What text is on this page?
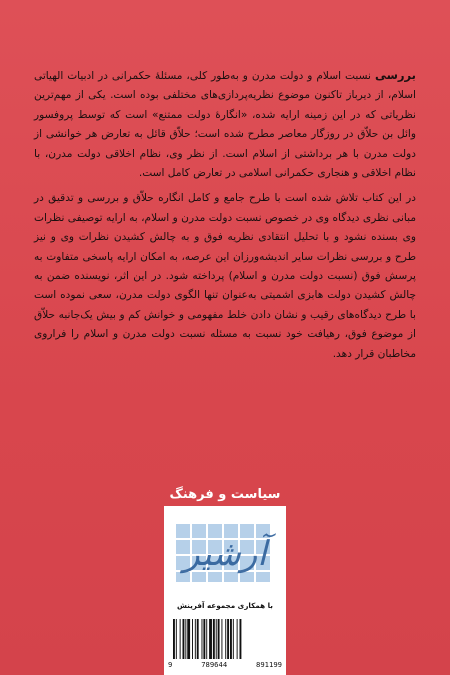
بررسی نسبت اسلام و دولت مدرن و به‌طور کلی، مسئلهٔ حکمرانی در ادبیات الهیاتی اسلام، از دیرباز تاکنون موضوع نظریه‌پردازی‌های مختلفی بوده است. یکی از مهم‌ترین نظریاتی که در این زمینه ارایه شده، «انگارهٔ دولت ممتنع» است که توسط پروفسور وائل بن حلاّق در روزگار معاصر مطرح شده است؛ حلاّق قائل به تعارض هر خوانشی از دولت مدرن با هر برداشتی از اسلام است. از نظر وی، نظام اخلاقی دولت مدرن، با نظام اخلاقی و هنجاری حکمرانی اسلامی در تعارض کامل است.

در این کتاب تلاش شده است با طرح جامع و کامل انگاره حلاّق و بررسی و تدقیق در مبانی نظری دیدگاه وی در خصوص نسبت دولت مدرن و اسلام، به ارایه توصیفی نظرات وی بسنده نشود و با تحلیل انتقادی نظریه فوق و به چالش کشیدن نظرات وی و نیز طرح و بررسی نظرات سایر اندیشه‌ورزان این عرصه، به امکان ارایه پاسخی متفاوت به پرسش فوق (نسبت دولت مدرن و اسلام) پرداخته شود. در این اثر، نویسنده ضمن به چالش کشیدن دولت هابزی اشمیتی به‌عنوان تنها الگوی دولت مدرن، سعی نموده است با طرح دیدگاه‌های رقیب و نشان دادن خلط مفهومی و خوانش کم و بیش یک‌جانبه حلاّق از موضوع فوق، رهیافت خود نسبت به مسئله نسبت دولت مدرن و اسلام را فراروی مخاطبان قرار دهد.

سیاست و فرهنگ
آرشیر
با همکاری مجموعه آفرینش
9	789644	891199
